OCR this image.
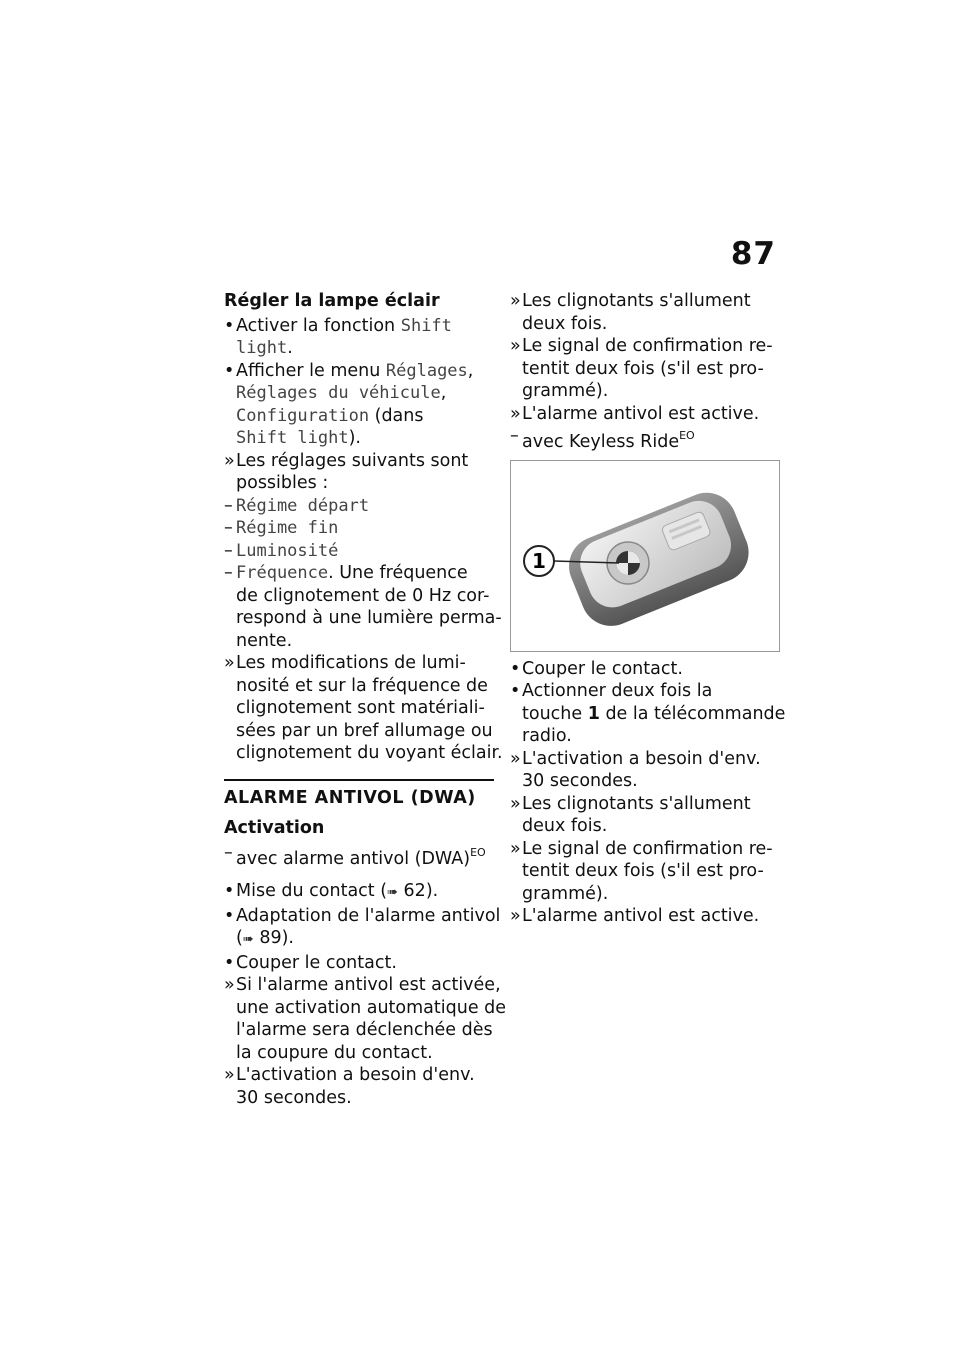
87
Régler la lampe éclair
• Activer la fonction Shift
light.
• Afficher le menu Réglages,
Réglages du véhicule,
Configuration (dans
Shift light).
» Les réglages suivants sont
possibles :
– Régime départ
– Régime fin
– Luminosité
– Fréquence. Une fréquence
de clignotement de 0 Hz cor-
respond à une lumière perma-
nente.
» Les modifications de lumi-
nosité et sur la fréquence de
clignotement sont matériali-
sées par un bref allumage ou
clignotement du voyant éclair.
ALARME ANTIVOL (DWA)
Activation
– avec alarme antivol (DWA)$^{EO}$
• Mise du contact (➠ 62).
• Adaptation de l'alarme antivol
(➠ 89).
• Couper le contact.
» Si l'alarme antivol est activée,
une activation automatique de
l'alarme sera déclenchée dès
la coupure du contact.
» L'activation a besoin d'env.
30 secondes.
» Les clignotants s'allument
deux fois.
» Le signal de confirmation re-
tentit deux fois (s'il est pro-
grammé).
» L'alarme antivol est active.
– avec Keyless Ride$^{EO}$
1
• Couper le contact.
• Actionner deux fois la
touche 1 de la télécommande
radio.
» L'activation a besoin d'env.
30 secondes.
» Les clignotants s'allument
deux fois.
» Le signal de confirmation re-
tentit deux fois (s'il est pro-
grammé).
» L'alarme antivol est active.
